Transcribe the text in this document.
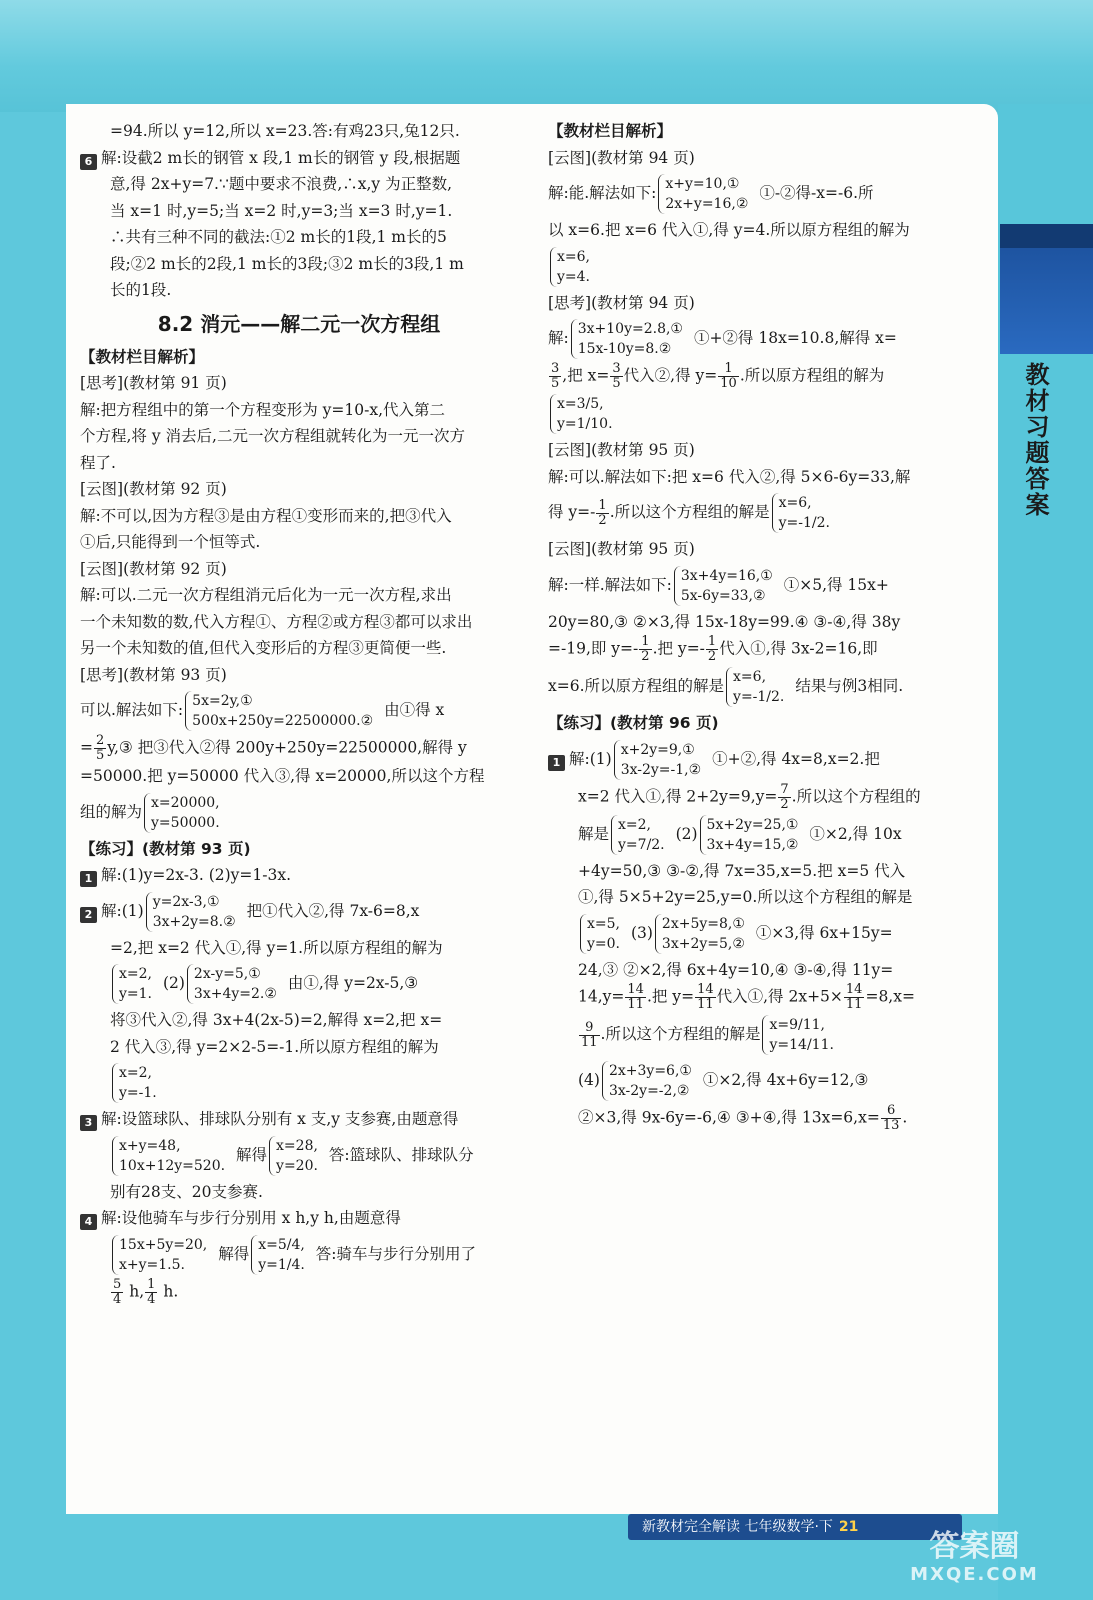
教材习题答案
=94.所以 y=12,所以 x=23.答:有鸡23只,兔12只.
6 解:设截2 m长的钢管 x 段,1 m长的钢管 y 段,根据题
意,得 2x+y=7.∵题中要求不浪费,∴x,y 为正整数,
当 x=1 时,y=5;当 x=2 时,y=3;当 x=3 时,y=1.
∴共有三种不同的截法:①2 m长的1段,1 m长的5
段;②2 m长的2段,1 m长的3段;③2 m长的3段,1 m
长的1段.
8.2 消元——解二元一次方程组
【教材栏目解析】
[思考](教材第 91 页)
解:把方程组中的第一个方程变形为 y=10-x,代入第二
个方程,将 y 消去后,二元一次方程组就转化为一元一次方
程了.
[云图](教材第 92 页)
解:不可以,因为方程③是由方程①变形而来的,把③代入
①后,只能得到一个恒等式.
[云图](教材第 92 页)
解:可以.二元一次方程组消元后化为一元一次方程,求出
一个未知数的数,代入方程①、方程②或方程③都可以求出
另一个未知数的值,但代入变形后的方程③更简便一些.
[思考](教材第 93 页)
可以.解法如下: 5x=2y,①
500x+250y=22500000.②
由①得 x
= $\frac{2}{5}$ y,③ 把③代入②得 200y+250y=22500000,解得 y
=50000.把 y=50000 代入③,得 x=20000,所以这个方程
组的解为 x=20000,
y=50000.
【练习】(教材第 93 页)
1 解:(1)y=2x-3. (2)y=1-3x.
2 解:(1) y=2x-3,①
3x+2y=8.②
把①代入②,得 7x-6=8,x
=2,把 x=2 代入①,得 y=1.所以原方程组的解为
x=2,
y=1.
(2) 2x-y=5,①
3x+4y=2.②
由①,得 y=2x-5,③
将③代入②,得 3x+4(2x-5)=2,解得 x=2,把 x=
2 代入③,得 y=2×2-5=-1.所以原方程组的解为
x=2,
y=-1.
3 解:设篮球队、排球队分别有 x 支,y 支参赛,由题意得
x+y=48,
10x+12y=520.
解得 x=28,
y=20.
答:篮球队、排球队分
别有28支、20支参赛.
4 解:设他骑车与步行分别用 x h,y h,由题意得
15x+5y=20,
x+y=1.5.
解得 x=5/4,
y=1/4.
答:骑车与步行分别用了
$\frac{5}{4} h$, $\frac{1}{4} h$.
【教材栏目解析】
[云图](教材第 94 页)
解:能.解法如下: x+y=10,①
2x+y=16,②
①-②得-x=-6.所
以 x=6.把 x=6 代入①,得 y=4.所以原方程组的解为
x=6,
y=4.
[思考](教材第 94 页)
解: 3x+10y=2.8,①
15x-10y=8.②
①+②得 18x=10.8,解得 x=
$\frac{3}{5}$ ,把 $x= \frac{3}{5}$ 代入②,得 $y= \frac{1}{10}$ .所以原方程组的解为
x=3/5,
y=1/10.
[云图](教材第 95 页)
解:可以.解法如下:把 x=6 代入②,得 5×6-6y=33,解
得 $y=- \frac{1}{2}$ .所以这个方程组的解是 x=6,
y=-1/2.
[云图](教材第 95 页)
解:一样.解法如下: 3x+4y=16,①
5x-6y=33,②
①×5,得 15x+
20y=80,③ ②×3,得 15x-18y=99.④ ③-④,得 38y
=-19,即 $y=- \frac{1}{2}$ .把 $y=- \frac{1}{2}$ 代入①,得 3x-2=16,即
x=6.所以原方程组的解是 x=6,
y=-1/2.
结果与例3相同.
【练习】(教材第 96 页)
1 解:(1) x+2y=9,①
3x-2y=-1,②
①+②,得 4x=8,x=2.把
x=2 代入①,得 $2+2y=9,y= \frac{7}{2}$ .所以这个方程组的
解是 x=2,
y=7/2.
(2) 5x+2y=25,①
3x+4y=15,②
①×2,得 10x
+4y=50,③ ③-②,得 7x=35,x=5.把 x=5 代入
①,得 5×5+2y=25,y=0.所以这个方程组的解是
x=5,
y=0.
(3) 2x+5y=8,①
3x+2y=5,②
①×3,得 6x+15y=
24,③ ②×2,得 6x+4y=10,④ ③-④,得 11y=
$14,y= \frac{14}{11}$ .把 $y= \frac{14}{11}$ 代入①,得 $2x+5\times \frac{14}{11} =8,x=$
$\frac{9}{11}$ .所以这个方程组的解是 x=9/11,
y=14/11.
(4) 2x+3y=6,①
3x-2y=-2,②
①×2,得 4x+6y=12,③
②×3,得 9x-6y=-6,④ ③+④,得 $13x=6,x= \frac{6}{13}$ .
新教材完全解读 七年级数学·下 21
答案圈
MXQE.COM
